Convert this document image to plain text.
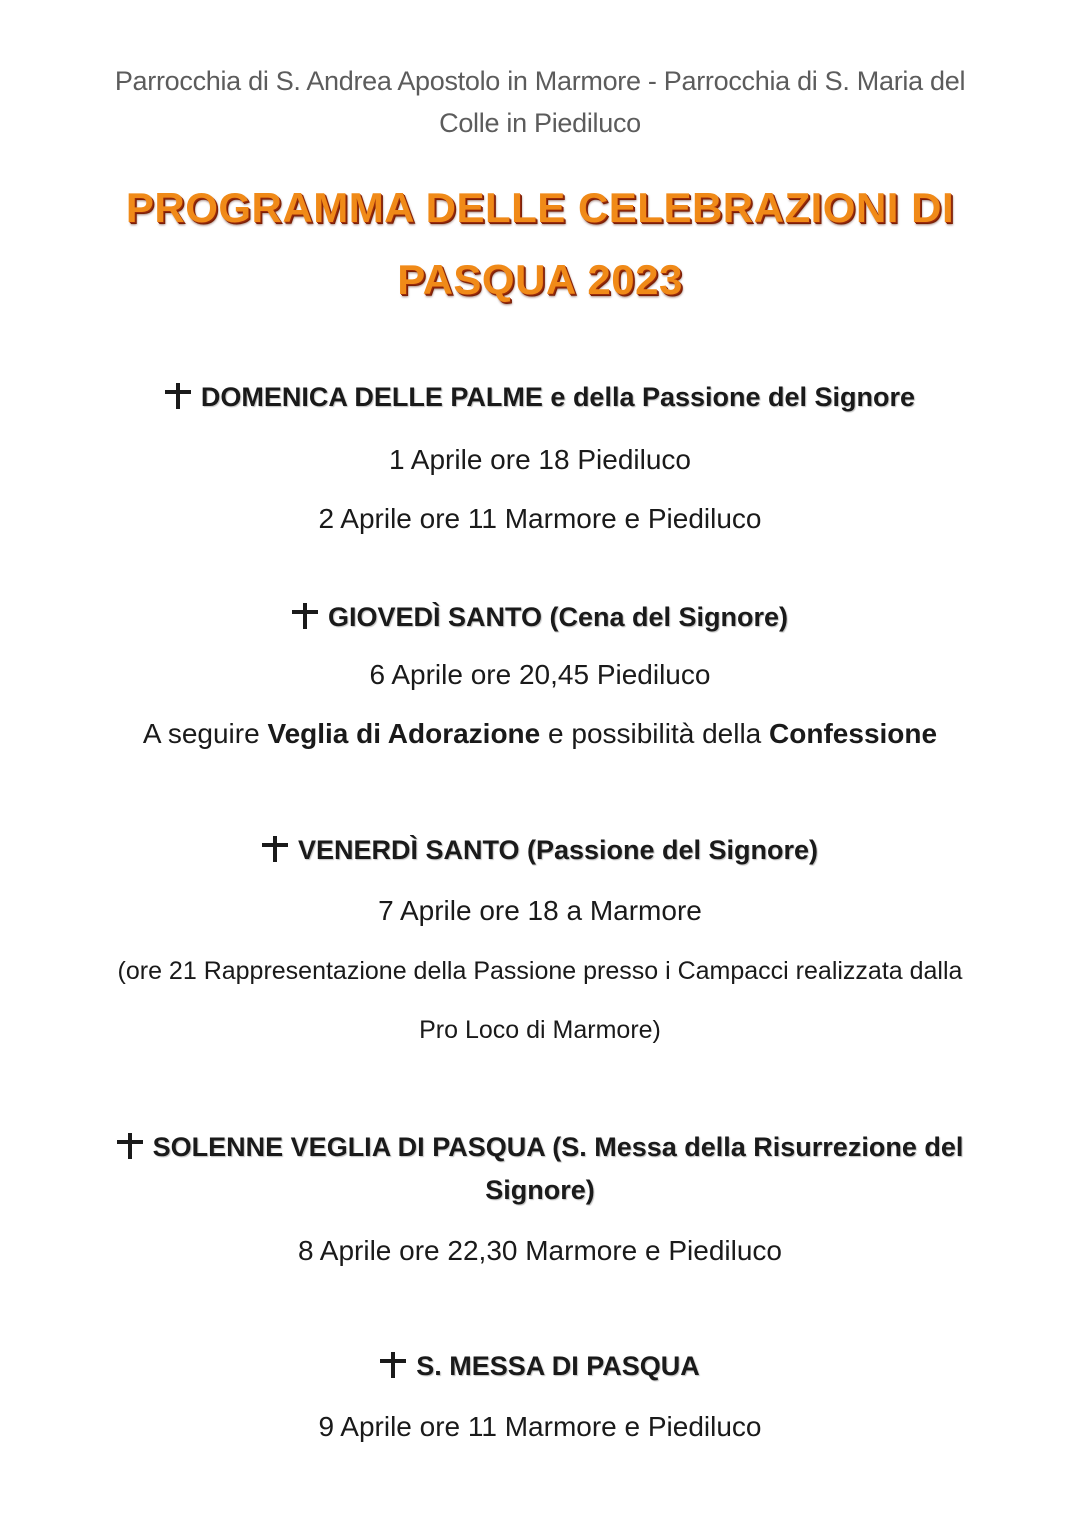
Parrocchia di S. Andrea Apostolo in Marmore - Parrocchia di S. Maria del
Colle in Piediluco
PROGRAMMA DELLE CELEBRAZIONI DI
PASQUA 2023
DOMENICA DELLE PALME e della Passione del Signore
1 Aprile ore 18 Piediluco
2 Aprile ore 11 Marmore e Piediluco
GIOVEDÌ SANTO (Cena del Signore)
6 Aprile ore 20,45 Piediluco
A seguire Veglia di Adorazione e possibilità della Confessione
VENERDÌ SANTO (Passione del Signore)
7 Aprile ore 18 a Marmore
(ore 21 Rappresentazione della Passione presso i Campacci realizzata dalla
Pro Loco di Marmore)
SOLENNE VEGLIA DI PASQUA (S. Messa della Risurrezione del
Signore)
8 Aprile ore 22,30 Marmore e Piediluco
S. MESSA DI PASQUA
9 Aprile ore 11 Marmore e Piediluco
